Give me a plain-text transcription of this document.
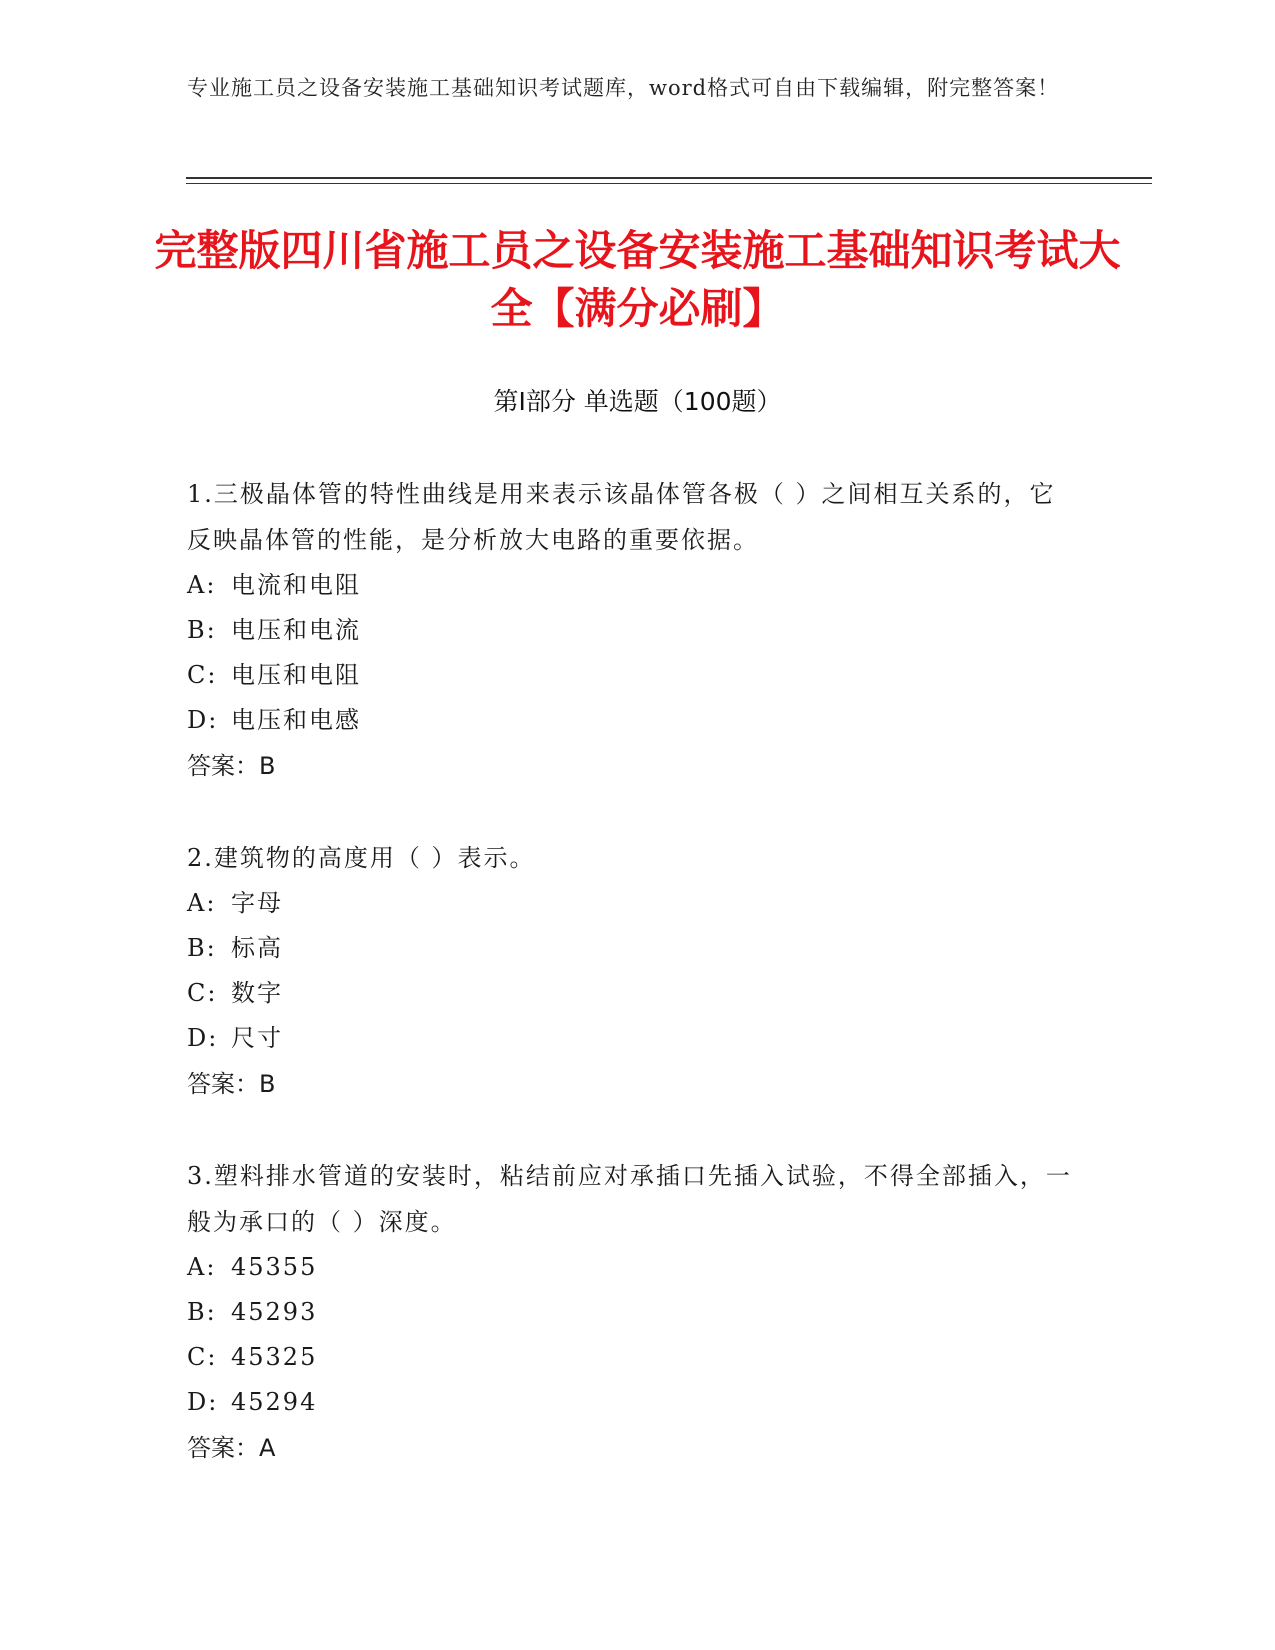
专业施工员之设备安装施工基础知识考试题库，word格式可自由下载编辑，附完整答案！
完整版四川省施工员之设备安装施工基础知识考试大全【满分必刷】
第Ⅰ部分 单选题（100题）

1.三极晶体管的特性曲线是用来表示该晶体管各极（ ）之间相互关系的，它反映晶体管的性能，是分析放大电路的重要依据。

A: 电流和电阻

B: 电压和电流

C: 电压和电阻

D: 电压和电感

答案：B

2.建筑物的高度用（ ）表示。

A: 字母

B: 标高

C: 数字

D: 尺寸

答案：B

3.塑料排水管道的安装时，粘结前应对承插口先插入试验，不得全部插入，一般为承口的（ ）深度。

A: 45355

B: 45293

C: 45325

D: 45294

答案：A
